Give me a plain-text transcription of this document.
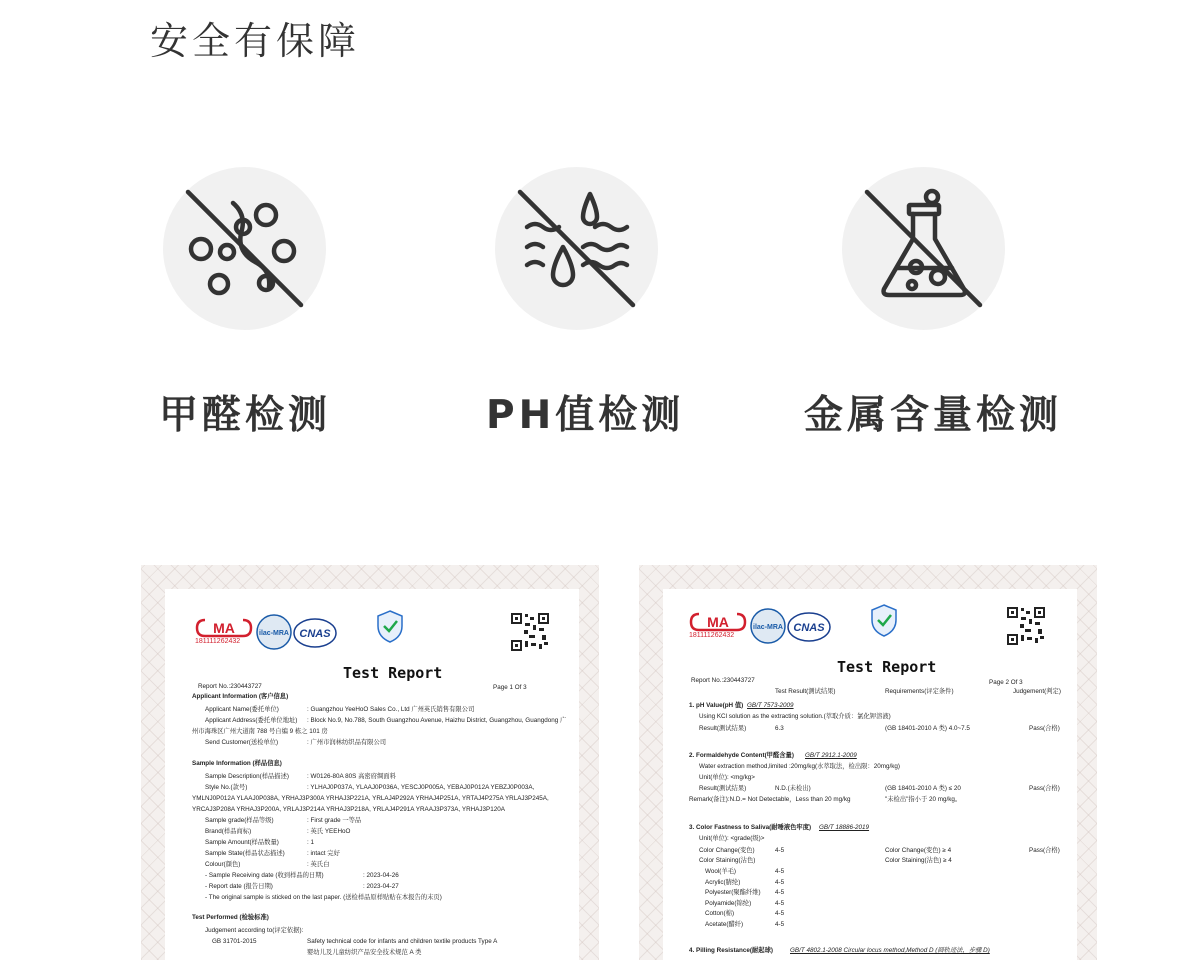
安全有保障
甲醛检测	PH值检测	金属含量检测
MA
181111262432
ilac-MRA CNAS
Test Report
Report No.:230443727	Page 1 Of 3
Applicant Information (客户信息)
Applicant Name(委托单位)	: Guangzhou YeeHoO Sales Co., Ltd 广州英氏销售有限公司
Applicant Address(委托单位地址) : Block No.9, No.788, South Guangzhou Avenue, Haizhu District, Guangzhou, Guangdong 广
州市海珠区广州大道南 788 号自编 9 栋之 101 房
Send Customer(送检单位)	: 广州市润林纺织品有限公司
Sample Information (样品信息)
Sample Description(样品描述)	: W0126-80A 80S 高密府绸面料
Style No.(款号)	: YLHAJ0P037A, YLAAJ0P036A, YESCJ0P005A, YEBAJ0P012A YEBZJ0P003A,
YMLNJ0P012A YLAAJ0P038A, YRHAJ3P300A YRHAJ3P221A, YRLAJ4P292A YRHAJ4P251A, YRTAJ4P275A YRLAJ3P245A,
YRCAJ3P208A YRHAJ3P200A, YRLAJ3P214A YRHAJ3P218A, YRLAJ4P291A YRAAJ3P373A, YRHAJ3P120A
Sample grade(样品等级)	: First grade 一等品
Brand(样品商标)	: 英氏 YEEHoO
Sample Amount(样品数量)	: 1
Sample State(样品状态描述)	: intact 完好
Colour(颜色)	: 英氏白
- Sample Receiving date (收到样品的日期)	: 2023-04-26
- Report date (报告日期)	: 2023-04-27
- The original sample is sticked on the last paper. (送检样品原样贴贴在本报告的末页)
Test Performed (检验标准)
Judgement according to(评定依据):
GB 31701-2015	Safety technical code for infants and children textile products Type A
婴幼儿及儿童纺织产品安全技术规范 A 类
MA
181111262432
ilac-MRA CNAS
Test Report
Report No.:230443727	Page 2 Of 3
Test Result(测试结果)	Requirements(评定条件)	Judgement(判定)
1. pH Value(pH 值) GB/T 7573-2009
Using KCl solution as the extracting solution.(萃取介质：氯化钾溶液)
Result(测试结果)	6.3	(GB 18401-2010 A 类) 4.0~7.5	Pass(合格)
2. Formaldehyde Content(甲醛含量) GB/T 2912.1-2009
Water extraction method,limited :20mg/kg(水萃取法，检出限：20mg/kg)
Unit(单位): <mg/kg>
Result(测试结果)	N.D.(未检出)	(GB 18401-2010 A 类) ≤ 20	Pass(合格)
Remark(备注):N.D.= Not Detectable，Less than 20 mg/kg	"未检出"指小于 20 mg/kg。
3. Color Fastness to Saliva(耐唾液色牢度) GB/T 18886-2019
Unit(单位): <grade(级)>
Color Change(变色)	4-5	Color Change(变色) ≥ 4	Pass(合格)
Color Staining(沾色)	Color Staining(沾色) ≥ 4
Wool(羊毛)	4-5
Acrylic(腈纶)	4-5
Polyester(聚酯纤维) 4-5
Polyamide(锦纶)	4-5
Cotton(棉)	4-5
Acetate(醋纤)	4-5
4. Pilling Resistance(耐起球)	GB/T 4802.1-2008 Circular locus method,Method D (圆轨迹法，步骤 D)
